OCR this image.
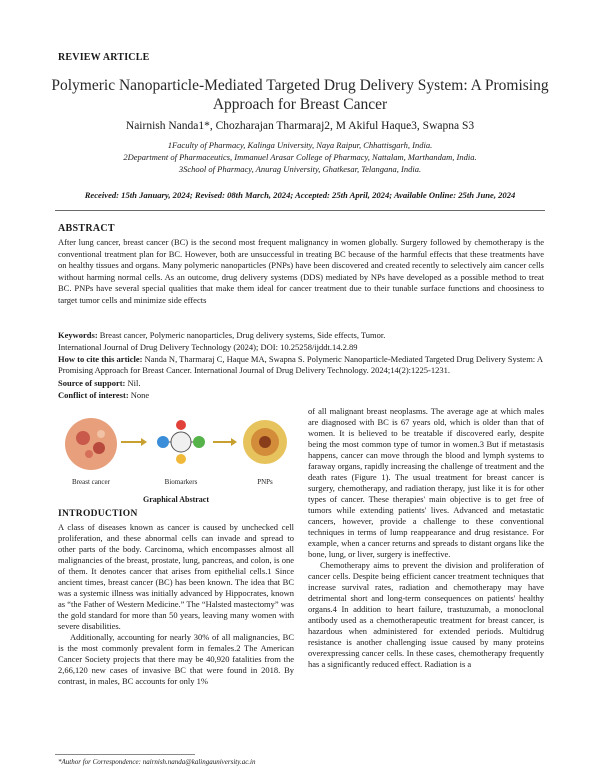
REVIEW ARTICLE
Polymeric Nanoparticle-Mediated Targeted Drug Delivery System: A Promising Approach for Breast Cancer
Nairnish Nanda1*, Chozharajan Tharmaraj2, M Akiful Haque3, Swapna S3
1Faculty of Pharmacy, Kalinga University, Naya Raipur, Chhattisgarh, India.
2Department of Pharmaceutics, Immanuel Arasar College of Pharmacy, Nattalam, Marthandam, India.
3School of Pharmacy, Anurag University, Ghatkesar, Telangana, India.
Received: 15th January, 2024; Revised: 08th March, 2024; Accepted: 25th April, 2024; Available Online: 25th June, 2024
ABSTRACT
After lung cancer, breast cancer (BC) is the second most frequent malignancy in women globally. Surgery followed by chemotherapy is the conventional treatment plan for BC. However, both are unsuccessful in treating BC because of the harmful effects that these treatments have on healthy tissues and organs. Many polymeric nanoparticles (PNPs) have been discovered and created recently to selectively aim cancer cells without harming normal cells. As an outcome, drug delivery systems (DDS) mediated by NPs have developed as a possible method to treat BC. PNPs have several special qualities that make them ideal for cancer treatment due to their tunable surface functions and choosiness to target tumor cells and minimize side effects
Keywords: Breast cancer, Polymeric nanoparticles, Drug delivery systems, Side effects, Tumor.
International Journal of Drug Delivery Technology (2024); DOI: 10.25258/ijddt.14.2.89
How to cite this article: Nanda N, Tharmaraj C, Haque MA, Swapna S. Polymeric Nanoparticle-Mediated Targeted Drug Delivery System: A Promising Approach for Breast Cancer. International Journal of Drug Delivery Technology. 2024;14(2):1225-1231.
Source of support: Nil.
Conflict of interest: None
Breast cancer	Biomarkers	PNPs
Graphical Abstract
INTRODUCTION

A class of diseases known as cancer is caused by unchecked cell proliferation, and these abnormal cells can invade and spread to other parts of the body. Carcinoma, which encompasses almost all malignancies of the breast, prostate, lung, pancreas, and colon, is one of them. It denotes cancer that arises from epithelial cells.1 Since ancient times, breast cancer (BC) has been known. The idea that BC was a systemic illness was initially advanced by Hippocrates, known as “the Father of Western Medicine.” The “Halsted mastectomy” was the gold standard for more than 50 years, leaving many women with severe disabilities.

Additionally, accounting for nearly 30% of all malignancies, BC is the most commonly prevalent form in females.2 The American Cancer Society projects that there may be 40,920 fatalities from the 2,66,120 new cases of invasive BC that were found in 2018. By contrast, in males, BC accounts for only 1%

of all malignant breast neoplasms. The average age at which males are diagnosed with BC is 67 years old, which is older than that of women. It is believed to be treatable if discovered early, despite being the most common type of tumor in women.3 But if metastasis happens, cancer can move through the blood and lymph systems to faraway organs, rapidly increasing the challenge of treatment and the death rates (Figure 1). The usual treatment for breast cancer is surgery, chemotherapy, and radiation therapy, just like it is for other types of cancer. These therapies' main objective is to get free of tumors while extending patients' lives. Advanced and metastatic cancers, however, provide a challenge to these conventional techniques in terms of lump reappearance and drug resistance. For example, when a cancer returns and spreads to distant organs like the bone, lung, or liver, surgery is ineffective.

Chemotherapy aims to prevent the division and proliferation of cancer cells. Despite being efficient cancer treatment techniques that increase survival rates, radiation and chemotherapy may have detrimental short and long-term consequences on patients' healthy organs.4 In addition to heart failure, trastuzumab, a monoclonal antibody used as a chemotherapeutic treatment for breast cancer, is hazardous when administered for extended periods. Multidrug resistance is another challenging issue caused by many proteins overexpressing cancer cells. In these cases, chemotherapy frequently has a significantly reduced effect. Radiation is a

*Author for Correspondence: nairnish.nanda@kalingauniversity.ac.in
